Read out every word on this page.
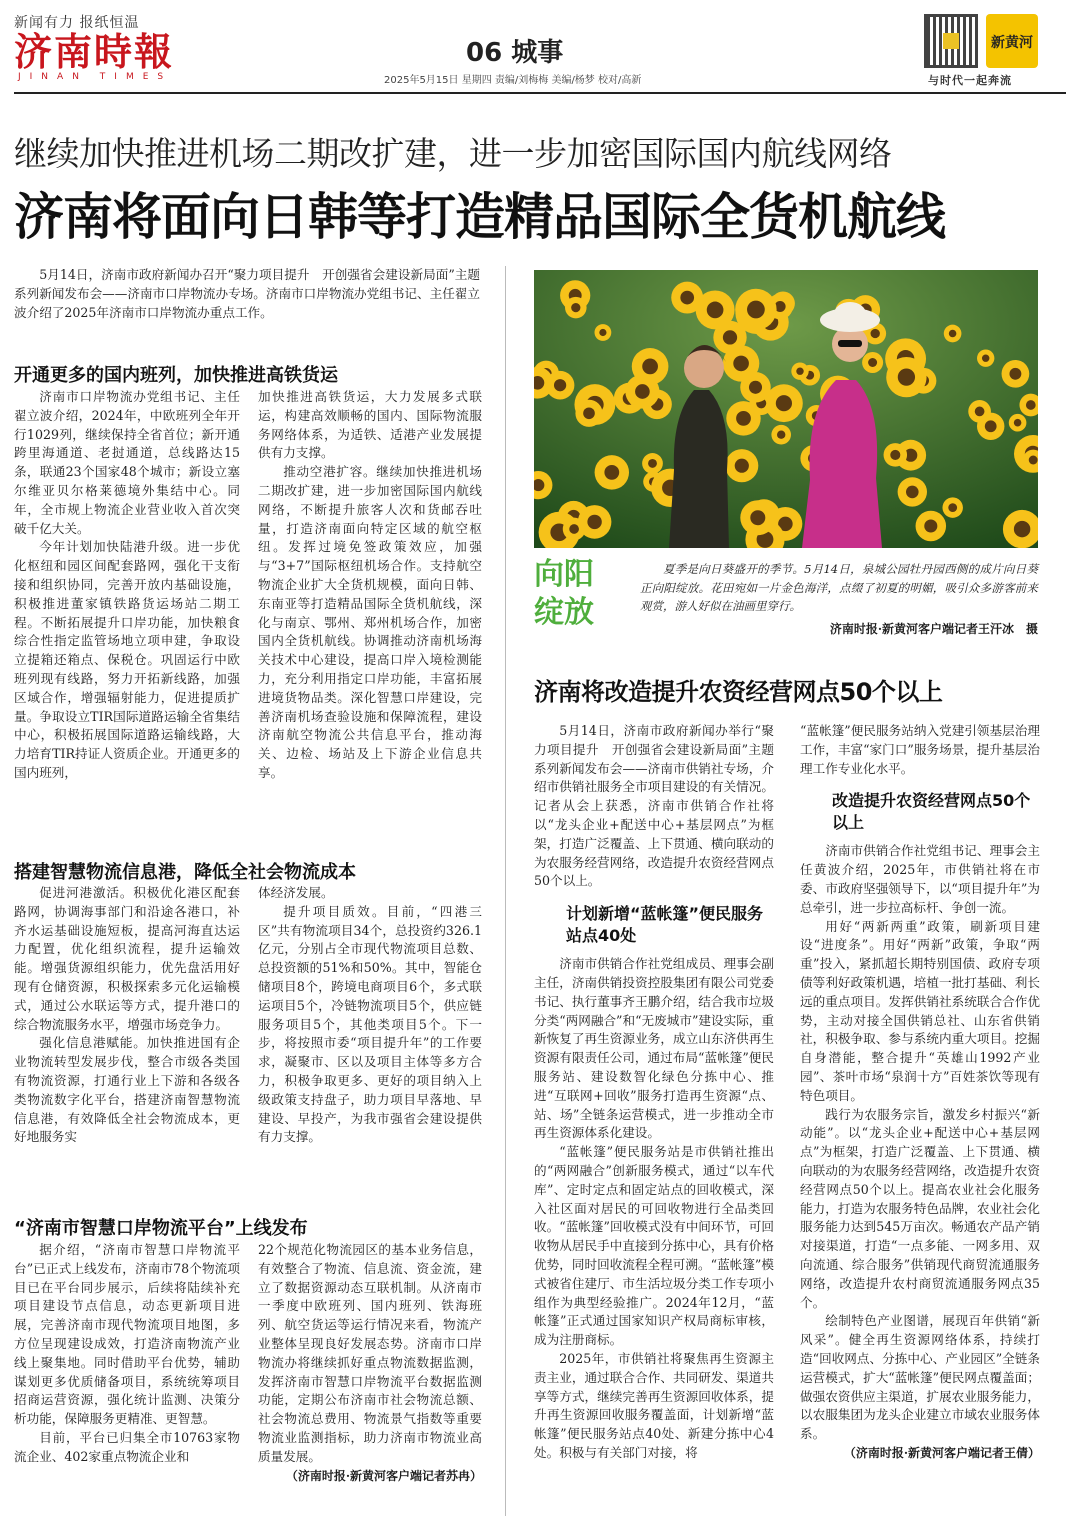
新闻有力 报纸恒温
济南時報
JINAN TIMES
06 城事
2025年5月15日 星期四 责编/刘梅梅 美编/杨梦 校对/高新
新黄河
与时代一起奔流
继续加快推进机场二期改扩建，进一步加密国际国内航线网络
济南将面向日韩等打造精品国际全货机航线

5月14日，济南市政府新闻办召开“聚力项目提升　开创强省会建设新局面”主题系列新闻发布会——济南市口岸物流办专场。济南市口岸物流办党组书记、主任翟立波介绍了2025年济南市口岸物流办重点工作。

开通更多的国内班列，加快推进高铁货运

济南市口岸物流办党组书记、主任翟立波介绍，2024年，中欧班列全年开行1029列，继续保持全省首位；新开通跨里海通道、老挝通道，总线路达15条，联通23个国家48个城市；新设立塞尔维亚贝尔格莱德境外集结中心。同年，全市规上物流企业营业收入首次突破千亿大关。

今年计划加快陆港升级。进一步优化枢纽和园区间配套路网，强化干支衔接和组织协同，完善开放内基础设施，积极推进董家镇铁路货运场站二期工程。不断拓展提升口岸功能，加快粮食综合性指定监管场地立项申建，争取设立提箱还箱点、保税仓。巩固运行中欧班列现有线路，努力开拓新线路，加强区域合作，增强辐射能力，促进提质扩量。争取设立TIR国际道路运输全省集结中心，积极拓展国际道路运输线路，大力培育TIR持证人资质企业。开通更多的国内班列，

加快推进高铁货运，大力发展多式联运，构建高效顺畅的国内、国际物流服务网络体系，为适铁、适港产业发展提供有力支撑。

推动空港扩容。继续加快推进机场二期改扩建，进一步加密国际国内航线网络，不断提升旅客人次和货邮吞吐量，打造济南面向特定区域的航空枢纽。发挥过境免签政策效应，加强与“3+7”国际枢纽机场合作。支持航空物流企业扩大全货机规模，面向日韩、东南亚等打造精品国际全货机航线，深化与南京、鄂州、郑州机场合作，加密国内全货机航线。协调推动济南机场海关技术中心建设，提高口岸入境检测能力，充分利用指定口岸功能，丰富拓展进境货物品类。深化智慧口岸建设，完善济南机场查验设施和保障流程，建设济南航空物流公共信息平台，推动海关、边检、场站及上下游企业信息共享。

搭建智慧物流信息港，降低全社会物流成本

促进河港激活。积极优化港区配套路网，协调海事部门和沿途各港口，补齐水运基础设施短板，提高河海直达运力配置，优化组织流程，提升运输效能。增强货源组织能力，优先盘活用好现有仓储资源，积极探索多元化运输模式，通过公水联运等方式，提升港口的综合物流服务水平，增强市场竞争力。

强化信息港赋能。加快推进国有企业物流转型发展步伐，整合市级各类国有物流资源，打通行业上下游和各级各类物流数字化平台，搭建济南智慧物流信息港，有效降低全社会物流成本，更好地服务实

体经济发展。

提升项目质效。目前，“四港三区”共有物流项目34个，总投资约326.1亿元，分别占全市现代物流项目总数、总投资额的51%和50%。其中，智能仓储项目8个，跨境电商项目6个，多式联运项目5个，冷链物流项目5个，供应链服务项目5个，其他类项目5个。下一步，将按照市委“项目提升年”的工作要求，凝聚市、区以及项目主体等多方合力，积极争取更多、更好的项目纳入上级政策支持盘子，助力项目早落地、早建设、早投产，为我市强省会建设提供有力支撑。

“济南市智慧口岸物流平台”上线发布

据介绍，“济南市智慧口岸物流平台”已正式上线发布，济南市78个物流项目已在平台同步展示，后续将陆续补充项目建设节点信息，动态更新项目进展，完善济南市现代物流项目地图，多方位呈现建设成效，打造济南物流产业线上聚集地。同时借助平台优势，辅助谋划更多优质储备项目，系统统筹项目招商运营资源，强化统计监测、决策分析功能，保障服务更精准、更智慧。

目前，平台已归集全市10763家物流企业、402家重点物流企业和

22个规范化物流园区的基本业务信息，有效整合了物流、信息流、资金流，建立了数据资源动态互联机制。从济南市一季度中欧班列、国内班列、铁海班列、航空货运等运行情况来看，物流产业整体呈现良好发展态势。济南市口岸物流办将继续抓好重点物流数据监测，发挥济南市智慧口岸物流平台数据监测功能，定期公布济南市社会物流总额、社会物流总费用、物流景气指数等重要物流业监测指标，助力济南市物流业高质量发展。

（济南时报·新黄河客户端记者苏冉）

向阳绽放
夏季是向日葵盛开的季节。5月14日，泉城公园牡丹园西侧的成片向日葵正向阳绽放。花田宛如一片金色海洋，点缀了初夏的明媚，吸引众多游客前来观赏，游人好似在油画里穿行。
济南时报·新黄河客户端记者王汗冰　摄
济南将改造提升农资经营网点50个以上

5月14日，济南市政府新闻办举行“聚力项目提升　开创强省会建设新局面”主题系列新闻发布会——济南市供销社专场，介绍市供销社服务全市项目建设的有关情况。记者从会上获悉，济南市供销合作社将以“龙头企业+配送中心+基层网点”为框架，打造广泛覆盖、上下贯通、横向联动的为农服务经营网络，改造提升农资经营网点50个以上。

计划新增“蓝帐篷”便民服务站点40处

济南市供销合作社党组成员、理事会副主任，济南供销投资控股集团有限公司党委书记、执行董事齐王鹏介绍，结合我市垃圾分类“两网融合”和“无废城市”建设实际，重新恢复了再生资源业务，成立山东济供再生资源有限责任公司，通过布局“蓝帐篷”便民服务站、建设数智化绿色分拣中心、推进“互联网+回收”服务打造再生资源“点、站、场”全链条运营模式，进一步推动全市再生资源体系化建设。

“蓝帐篷”便民服务站是市供销社推出的“两网融合”创新服务模式，通过“以车代库”、定时定点和固定站点的回收模式，深入社区面对居民的可回收物进行全品类回收。“蓝帐篷”回收模式没有中间环节，可回收物从居民手中直接到分拣中心，具有价格优势，同时回收流程全程可溯。“蓝帐篷”模式被省住建厅、市生活垃圾分类工作专项小组作为典型经验推广。2024年12月，“蓝帐篷”正式通过国家知识产权局商标审核，成为注册商标。

2025年，市供销社将聚焦再生资源主责主业，通过联合合作、共同研发、渠道共享等方式，继续完善再生资源回收体系，提升再生资源回收服务覆盖面，计划新增“蓝帐篷”便民服务站点40处、新建分拣中心4处。积极与有关部门对接，将

“蓝帐篷”便民服务站纳入党建引领基层治理工作，丰富“家门口”服务场景，提升基层治理工作专业化水平。

改造提升农资经营网点50个以上

济南市供销合作社党组书记、理事会主任黄波介绍，2025年，市供销社将在市委、市政府坚强领导下，以“项目提升年”为总牵引，进一步拉高标杆、争创一流。

用好“两新两重”政策，刷新项目建设“进度条”。用好“两新”政策，争取“两重”投入，紧抓超长期特别国债、政府专项债等利好政策机遇，培植一批打基础、利长远的重点项目。发挥供销社系统联合合作优势，主动对接全国供销总社、山东省供销社，积极争取、参与系统内重大项目。挖掘自身潜能，整合提升“英雄山1992产业园”、茶叶市场“泉润十方”百姓茶饮等现有特色项目。

践行为农服务宗旨，激发乡村振兴“新动能”。以“龙头企业+配送中心+基层网点”为框架，打造广泛覆盖、上下贯通、横向联动的为农服务经营网络，改造提升农资经营网点50个以上。提高农业社会化服务能力，打造为农服务特色品牌，农业社会化服务能力达到545万亩次。畅通农产品产销对接渠道，打造“一点多能、一网多用、双向流通、综合服务”供销现代商贸流通服务网络，改造提升农村商贸流通服务网点35个。

绘制特色产业图谱，展现百年供销“新风采”。健全再生资源网络体系，持续打造“回收网点、分拣中心、产业园区”全链条运营模式，扩大“蓝帐篷”便民网点覆盖面；做强农资供应主渠道，扩展农业服务能力，以农服集团为龙头企业建立市域农业服务体系。

（济南时报·新黄河客户端记者王倩）
